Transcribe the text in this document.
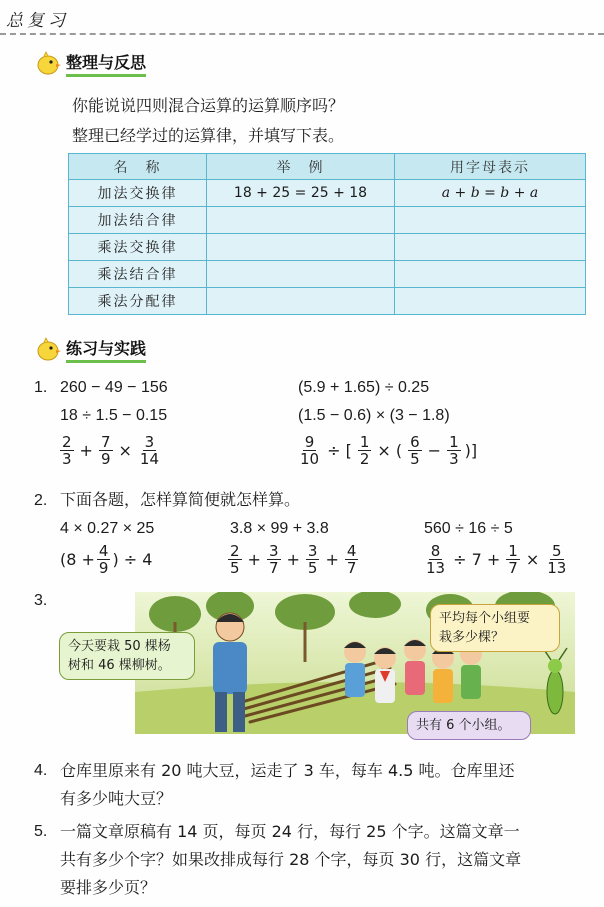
总复习
整理与反思
你能说说四则混合运算的运算顺序吗？
整理已经学过的运算律，并填写下表。
名　称	举　例	用字母表示
加法交换律	18 + 25 = 25 + 18	a + b = b + a
加法结合律		
乘法交换律		
乘法结合律		
乘法分配律		
练习与实践
1. 260 − 49 − 156	(5.9 + 1.65) ÷ 0.25
18 ÷ 1.5 − 0.15	(1.5 − 0.6) × (3 − 1.8)
$\frac{2}{3} + \frac{7}{9} \times \frac{3}{14}$	$\frac{9}{10}$ ÷ [ $\frac{1}{2}$ × ( $\frac{6}{5} - \frac{1}{3}$ )]
2. 下面各题，怎样算简便就怎样算。
4 × 0.27 × 25	3.8 × 99 + 3.8	560 ÷ 16 ÷ 5
($8 + \frac{4}{9}$ ) ÷ 4	$\frac{2}{5} + \frac{3}{7} + \frac{3}{5} + \frac{4}{7}$	$\frac{8}{13} \div 7 + \frac{1}{7} \times \frac{5}{13}$
3.
今天要栽 50 棵杨
树和 46 棵柳树。
平均每个小组要
栽多少棵？
共有 6 个小组。
4. 仓库里原来有 20 吨大豆，运走了 3 车，每车 4.5 吨。仓库里还
有多少吨大豆？
5. 一篇文章原稿有 14 页，每页 24 行，每行 25 个字。这篇文章一
共有多少个字？如果改排成每行 28 个字，每页 30 行，这篇文章
要排多少页？
